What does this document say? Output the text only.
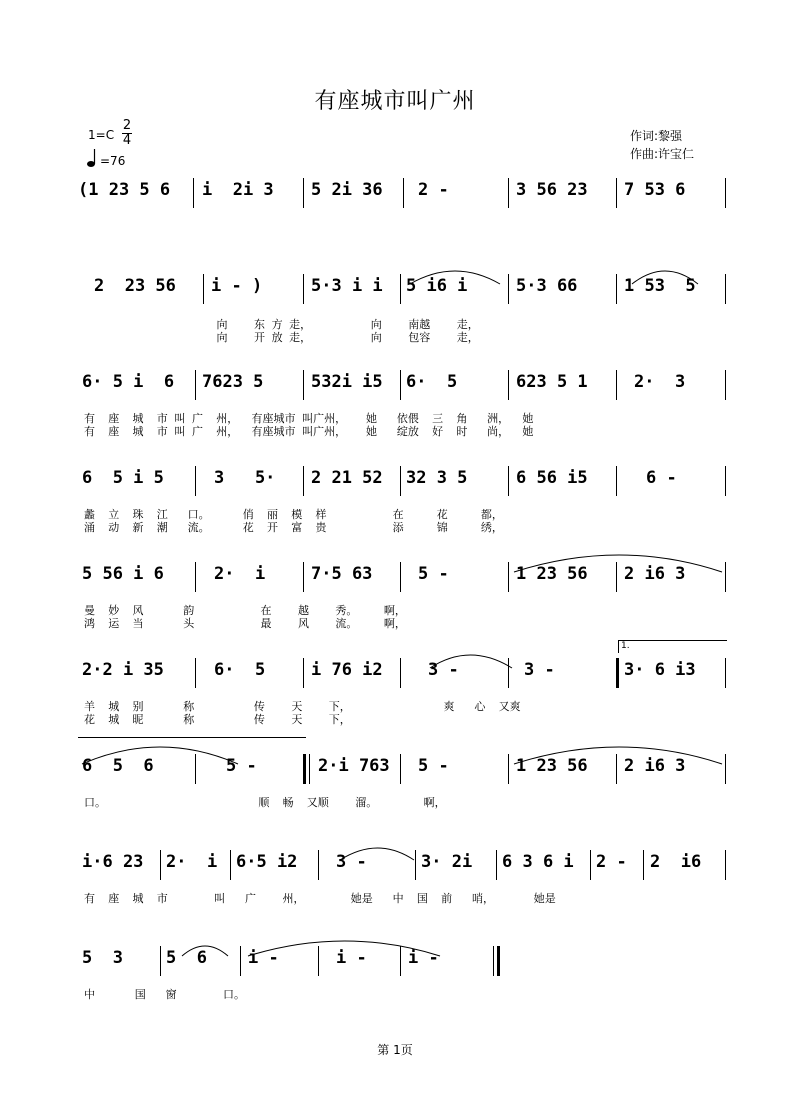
有座城市叫广州
1=C
2
4
=76
作词:黎强
作曲:许宝仁
(1 23 5 6 i  2i 3 5 2i 36 2 -	3 56 23 7 53 6
2  23 56 i - )	5·3 i i 5 i6 i	5·3 66	1 53  5
向    东 方 走，         向    南越    走，
向    开 放 走，         向    包容    走，
6· 5 i  6 7623 5	532i i5 6·  5	623 5 1	2·  3
有  座  城  市 叫 广  州，  有座城市 叫广州，   她   依偎  三  角   洲，  她
有  座  城  市 叫 广  州，  有座城市 叫广州，   她   绽放  好  时   尚，  她
6  5 i 5	3   5· 2 21 52 32 3 5	6 56 i5	6 -
蠡  立  珠  江   口。     俏  丽  模  样          在     花     都，
涌  动  新  潮   流。     花  开  富  贵          添     锦     绣，
5 56 i 6	2·  i	7·5 63	5 -	1 23 56 2 i6 3
曼  妙  风      韵          在    越    秀。    啊，
鸿  运  当      头          最    风    流。    啊，
2·2 i 35	6·  5	i 76 i2	3 -	3 -	3· 6 i3
1.
羊  城  别      称         传    天    下，              爽   心  又爽
花  城  昵      称         传    天    下，
6  5  6	5 -	2·i 763 5 -	1 23 56 2 i6 3
口。                       顺  畅  又顺    溜。       啊，
i·6 23 2·  i 6·5 i2 3 -	3· 2i 6 3 6 i 2 - 2  i6
有  座  城  市       叫   广    州，       她是   中  国  前   哨，      她是
5  3	5  6 i -	i - i -
中      国   窗       口。
第 1页
